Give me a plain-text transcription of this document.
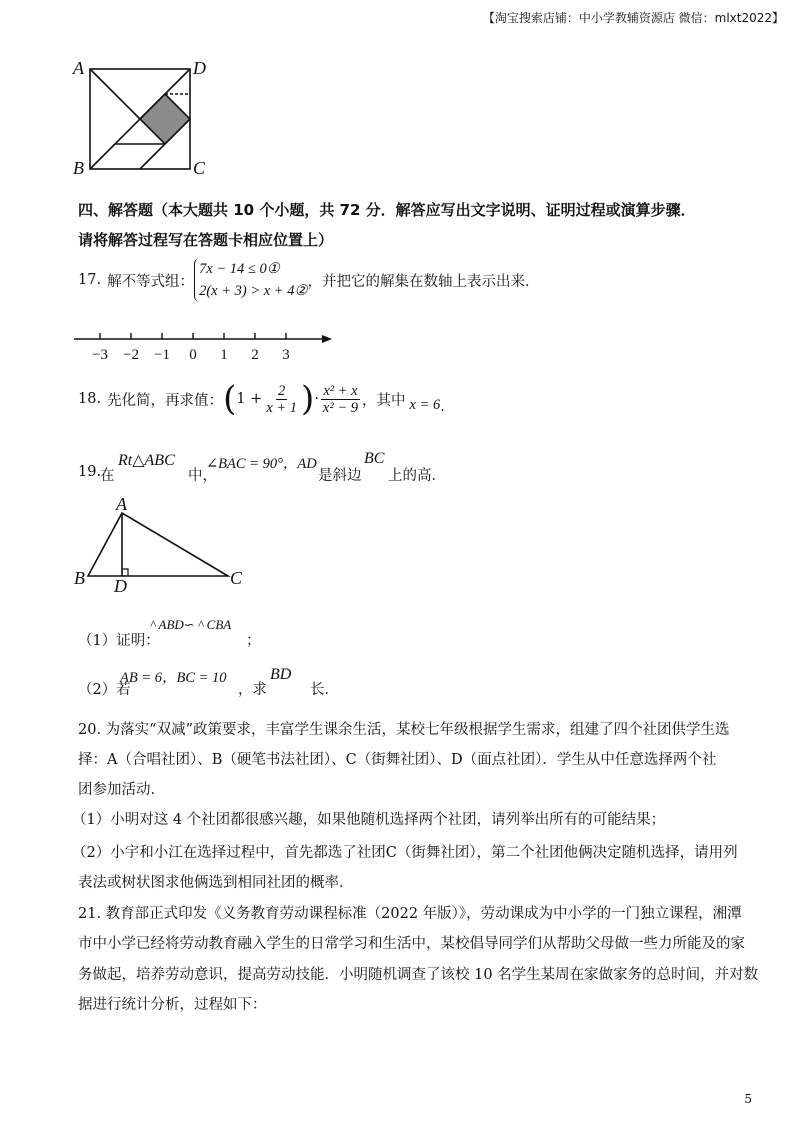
【淘宝搜索店铺：中小学教辅资源店 微信：mlxt2022】
A	D
B	C
四、解答题（本大题共 10 个小题，共 72 分．解答应写出文字说明、证明过程或演算步骤．
请将解答过程写在答题卡相应位置上）
17. 解不等式组：
7x − 14 ≤ 0①
2(x + 3) > x + 4②
，并把它的解集在数轴上表示出来．
−3 −2 −1 0 1 2 3
18. 先化简，再求值： ( $1 + \frac{2}{x + 1}$ ) · $\frac{\text{x² + x}}{\text{x² − 9}}$ ，其中 x = 6 ．
19.
在
Rt△ABC
中，
∠BAC = 90°，AD
是斜边
BC
上的高．
A
B	C
D
（1）证明：
^ ABD∽ ^ CBA
；
（2）若
AB = 6，BC = 10
，求
BD
长．
20. 为落实“双减”政策要求，丰富学生课余生活，某校七年级根据学生需求，组建了四个社团供学生选
择：A（合唱社团）、B（硬笔书法社团）、C（街舞社团）、D（面点社团）．学生从中任意选择两个社
团参加活动．
（1）小明对这 4 个社团都很感兴趣，如果他随机选择两个社团，请列举出所有的可能结果；
（2）小宇和小江在选择过程中，首先都选了社团C（街舞社团），第二个社团他俩决定随机选择，请用列
表法或树状图求他俩选到相同社团的概率．
21. 教育部正式印发《义务教育劳动课程标准（2022 年版）》，劳动课成为中小学的一门独立课程，湘潭
市中小学已经将劳动教育融入学生的日常学习和生活中，某校倡导同学们从帮助父母做一些力所能及的家
务做起，培养劳动意识，提高劳动技能．小明随机调查了该校 10 名学生某周在家做家务的总时间，并对数
据进行统计分析，过程如下：
5
